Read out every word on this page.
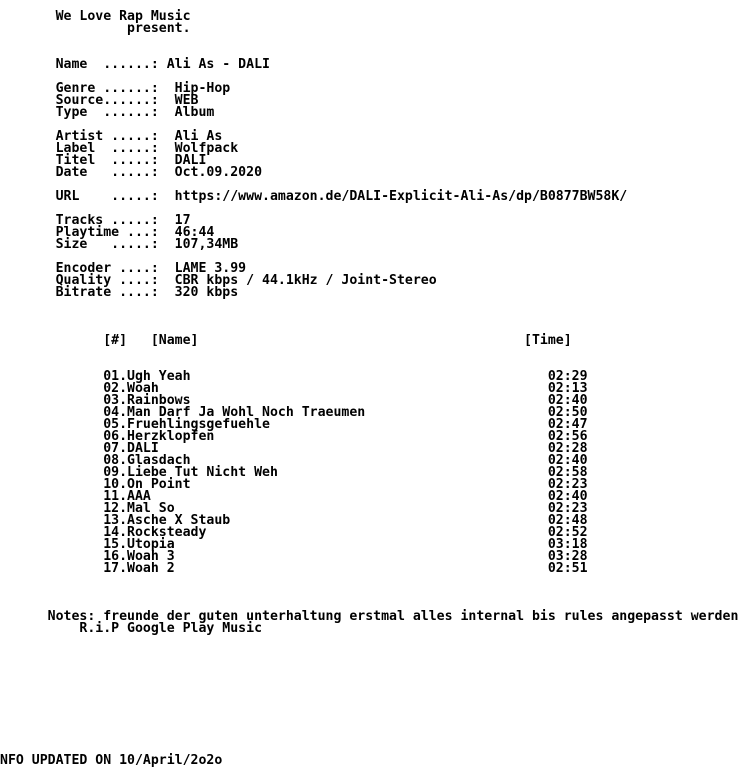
We Love Rap Music
present.

Name  ......: Ali As - DALI

Genre ......:  Hip-Hop
Source......:  WEB
Type  ......:  Album

Artist .....:  Ali As
Label  .....:  Wolfpack
Titel  .....:  DALI
Date   .....:  Oct.09.2020

URL    .....:  https://www.amazon.de/DALI-Explicit-Ali-As/dp/B0877BW58K/

Tracks .....:  17
Playtime ...:  46:44
Size   .....:  107,34MB

Encoder ....:  LAME 3.99
Quality ....:  CBR kbps / 44.1kHz / Joint-Stereo
Bitrate ....:  320 kbps

[#]   [Name]                                         [Time]

01.Ugh Yeah                                             02:29
02.Woah                                                 02:13
03.Rainbows                                             02:40
04.Man Darf Ja Wohl Noch Traeumen                       02:50
05.Fruehlingsgefuehle                                   02:47
06.Herzklopfen                                          02:56
07.DALI                                                 02:28
08.Glasdach                                             02:40
09.Liebe Tut Nicht Weh                                  02:58
10.On Point                                             02:23
11.AAA                                                  02:40
12.Mal So                                               02:23
13.Asche X Staub                                        02:48
14.Rocksteady                                           02:52
15.Utopia                                               03:18
16.Woah 3                                               03:28
17.Woah 2                                               02:51

Notes: freunde der guten unterhaltung erstmal alles internal bis rules angepasst werden
R.i.P Google Play Music

NFO UPDATED ON 10/April/2o2o
